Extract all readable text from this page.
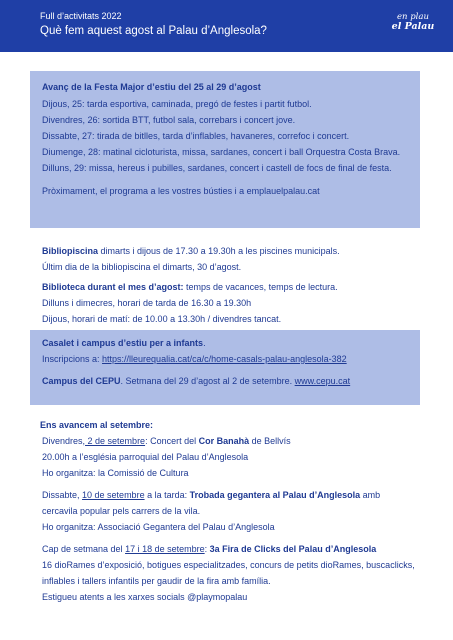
Full d’activitats 2022
Què fem aquest agost al Palau d’Anglesola?
en plau
el Palau
Avanç de la Festa Major d’estiu del 25 al 29 d’agost
Dijous, 25: tarda esportiva, caminada, pregó de festes i partit futbol.
Divendres, 26: sortida BTT, futbol sala, correbars i concert jove.
Dissabte, 27: tirada de bitlles, tarda d’inflables, havaneres, correfoc i concert.
Diumenge, 28: matinal cicloturista, missa, sardanes, concert i ball Orquestra Costa Brava.
Dilluns, 29: missa, hereus i pubilles, sardanes, concert i castell de focs de final de festa.
Pròximament, el programa a les vostres bústies i a emplauelpalau.cat
Bibliopiscina dimarts i dijous de 17.30 a 19.30h a les piscines municipals.
Últim dia de la bibliopiscina el dimarts, 30 d’agost.
Biblioteca durant el mes d’agost: temps de vacances, temps de lectura.
Dilluns i dimecres, horari de tarda de 16.30 a 19.30h
Dijous, horari de matí: de 10.00 a 13.30h / divendres tancat.
Casalet i campus d’estiu per a infants.
Inscripcions a: https://lleurequalia.cat/ca/c/home-casals-palau-anglesola-382
Campus del CEPU. Setmana del 29 d’agost al 2 de setembre. www.cepu.cat
Ens avancem al setembre:
Divendres, 2 de setembre: Concert del Cor Banahà de Bellvís
20.00h a l’església parroquial del Palau d’Anglesola
Ho organitza: la Comissió de Cultura
Dissabte, 10 de setembre a la tarda: Trobada gegantera al Palau d’Anglesola amb
cercavila popular pels carrers de la vila.
Ho organitza: Associació Gegantera del Palau d’Anglesola
Cap de setmana del 17 i 18 de setembre: 3a Fira de Clicks del Palau d’Anglesola
16 dioRames d’exposició, botigues especialitzades, concurs de petits dioRames, buscaclicks,
inflables i tallers infantils per gaudir de la fira amb família.
Estigueu atents a les xarxes socials @playmopalau
